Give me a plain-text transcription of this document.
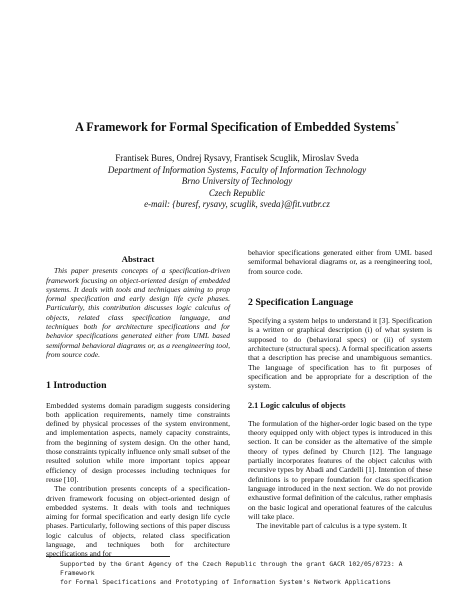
A Framework for Formal Specification of Embedded Systems*
Frantisek Bures, Ondrej Rysavy, Frantisek Scuglik, Miroslav Sveda
Department of Information Systems, Faculty of Information Technology
Brno University of Technology
Czech Republic
e-mail: {buresf, rysavy, scuglik, sveda}@fit.vutbr.cz

Abstract

This paper presents concepts of a specification-driven framework focusing on object-oriented design of embedded systems. It deals with tools and techniques aiming to prop formal specification and early design life cycle phases. Particularly, this contribution discusses logic calculus of objects, related class specification language, and techniques both for architecture specifications and for behavior specifications generated either from UML based semiformal behavioral diagrams or, as a reengineering tool, from source code.

1 Introduction

Embedded systems domain paradigm suggests considering both application requirements, namely time constraints defined by physical processes of the system environment, and implementation aspects, namely capacity constraints, from the beginning of system design. On the other hand, those constraints typically influence only small subset of the resulted solution while more important topics appear efficiency of design processes including techniques for reuse [10].

The contribution presents concepts of a specification-driven framework focusing on object-oriented design of embedded systems. It deals with tools and techniques aiming for formal specification and early design life cycle phases. Particularly, following sections of this paper discuss logic calculus of objects, related class specification language, and techniques both for architecture specifications and for

behavior specifications generated either from UML based semiformal behavioral diagrams or, as a reengineering tool, from source code.

2 Specification Language

Specifying a system helps to understand it [3]. Specification is a written or graphical description (i) of what system is supposed to do (behavioral specs) or (ii) of system architecture (structural specs). A formal specification asserts that a description has precise and unambiguous semantics. The language of specification has to fit purposes of specification and be appropriate for a description of the system.

2.1 Logic calculus of objects

The formulation of the higher-order logic based on the type theory equipped only with object types is introduced in this section. It can be consider as the alternative of the simple theory of types defined by Church [12]. The language partially incorporates features of the object calculus with recursive types by Abadi and Cardelli [1]. Intention of these definitions is to prepare foundation for class specification language introduced in the next section. We do not provide exhaustive formal definition of the calculus, rather emphasis on the basic logical and operational features of the calculus will take place.

The inevitable part of calculus is a type system. It

Supported by the Grant Agency of the Czech Republic through the grant GACR 102/05/0723: A Framework
for Formal Specifications and Prototyping of Information System's Network Applications
